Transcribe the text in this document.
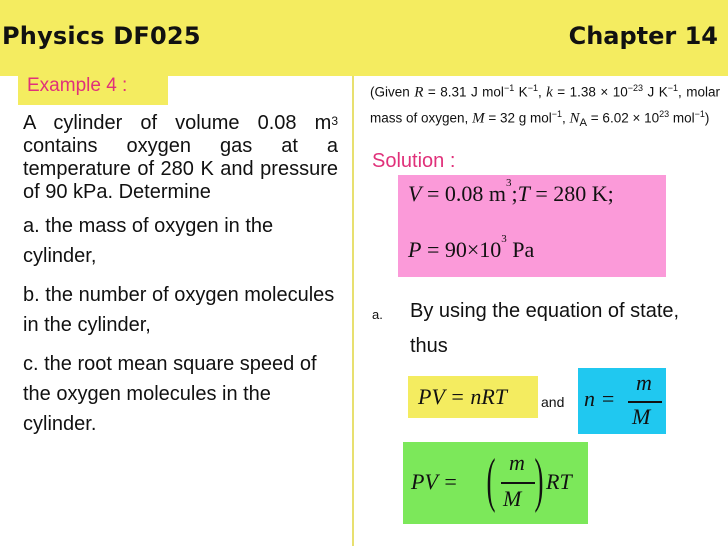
Physics DF025	Chapter 14
Example 4 :

A cylinder of volume 0.08 $m^3$ contains oxygen gas at a temperature of 280 K and pressure of 90 kPa. Determine

a. the mass of oxygen in the cylinder,
b. the number of oxygen molecules in the cylinder,
c. the root mean square speed of the oxygen molecules in the cylinder.
(Given R = 8.31 J mol$^{-1}$ $K^{-1}$, $k = 1.38 \times 10^{-23}$ J $K^{-1}$, molar mass of oxygen, M = 32 g mol$^{-1}$, $N_A = 6.02 \times 10^{23}$ mol$^{-1}$)
Solution :
V = 0.08 $m^3;T = 280$ K;
$P = 90\times 10^3$ Pa
a. By using the equation of state, thus
PV = nRT	and n =
m
M
PV = ( m
M ) RT
